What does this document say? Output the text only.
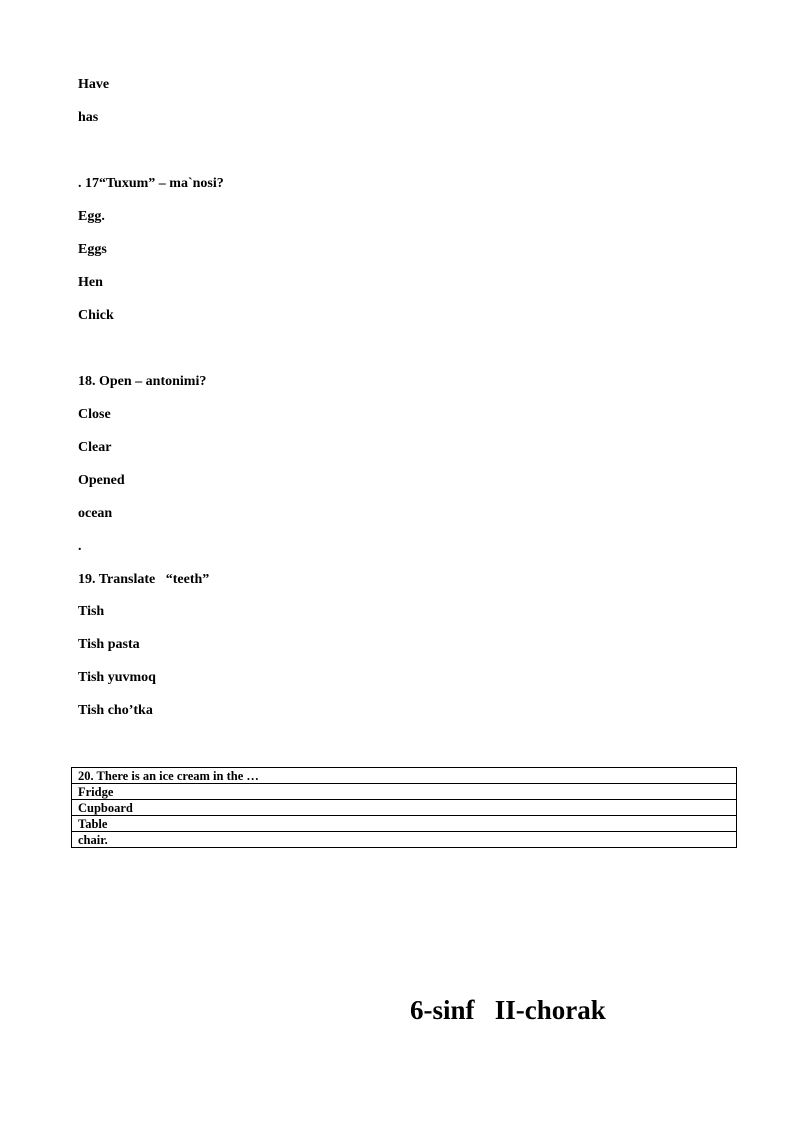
Have
has
. 17“Tuxum” – ma`nosi?
Egg.
Eggs
Hen
Chick
18. Open – antonimi?
Close
Clear
Opened
ocean
.
19. Translate   “teeth”
Tish
Tish pasta
Tish yuvmoq
Tish cho’tka
20. There is an ice cream in the …
Fridge
Cupboard
Table
chair.
6-sinf   II-chorak
